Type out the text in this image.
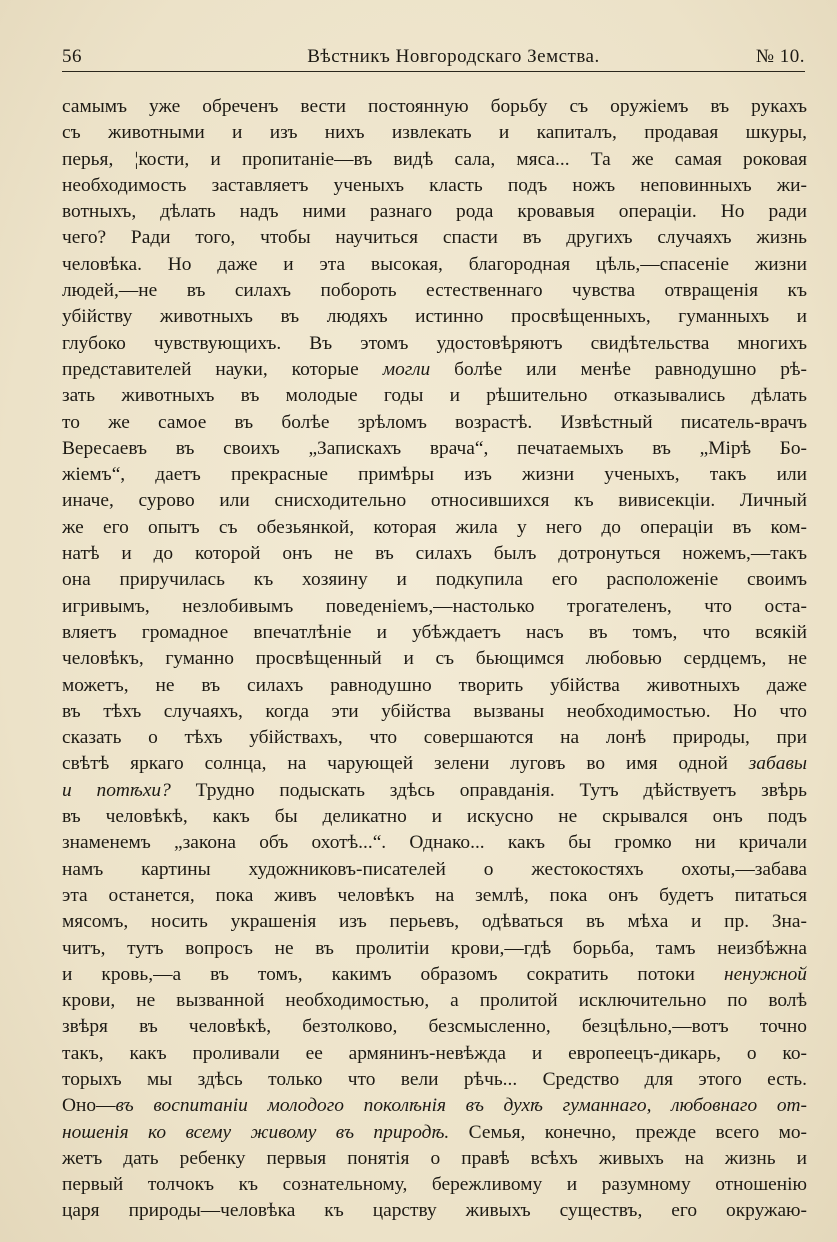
56	Вѣстникъ Новгородскаго Земства.	№ 10.
самымъ уже обреченъ вести постоянную борьбу съ оружіемъ въ рукахъ
съ животными и изъ нихъ извлекать и капиталъ, продавая шкуры,
перья, ¦кости, и пропитаніе—въ видѣ сала, мяса... Та же самая роковая
необходимость заставляетъ ученыхъ класть подъ ножъ неповинныхъ жи-
вотныхъ, дѣлать надъ ними разнаго рода кровавыя операціи. Но ради
чего? Ради того, чтобы научиться спасти въ другихъ случаяхъ жизнь
человѣка. Но даже и эта высокая, благородная цѣль,—спасеніе жизни
людей,—не въ силахъ побороть естественнаго чувства отвращенія къ
убійству животныхъ въ людяхъ истинно просвѣщенныхъ, гуманныхъ и
глубоко чувствующихъ. Въ этомъ удостовѣряютъ свидѣтельства многихъ
представителей науки, которые могли болѣе или менѣе равнодушно рѣ-
зать животныхъ въ молодые годы и рѣшительно отказывались дѣлать
то же самое въ болѣе зрѣломъ возрастѣ. Извѣстный писатель-врачъ
Вересаевъ въ своихъ „Запискахъ врача“, печатаемыхъ въ „Мірѣ Бо-
жіемъ“, даетъ прекрасные примѣры изъ жизни ученыхъ, такъ или
иначе, сурово или снисходительно относившихся къ вивисекціи. Личный
же его опытъ съ обезьянкой, которая жила у него до операціи въ ком-
натѣ и до которой онъ не въ силахъ былъ дотронуться ножемъ,—такъ
она приручилась къ хозяину и подкупила его расположеніе своимъ
игривымъ, незлобивымъ поведеніемъ,—настолько трогателенъ, что оста-
вляетъ громадное впечатлѣніе и убѣждаетъ насъ въ томъ, что всякій
человѣкъ, гуманно просвѣщенный и съ бьющимся любовью сердцемъ, не
можетъ, не въ силахъ равнодушно творить убійства животныхъ даже
въ тѣхъ случаяхъ, когда эти убійства вызваны необходимостью. Но что
сказать о тѣхъ убійствахъ, что совершаются на лонѣ природы, при
свѣтѣ яркаго солнца, на чарующей зелени луговъ во имя одной забавы
и потѣхи? Трудно подыскать здѣсь оправданія. Тутъ дѣйствуетъ звѣрь
въ человѣкѣ, какъ бы деликатно и искусно не скрывался онъ подъ
знаменемъ „закона объ охотѣ...“. Однако... какъ бы громко ни кричали
намъ картины художниковъ-писателей о жестокостяхъ охоты,—забава
эта останется, пока живъ человѣкъ на землѣ, пока онъ будетъ питаться
мясомъ, носить украшенія изъ перьевъ, одѣваться въ мѣха и пр. Зна-
читъ, тутъ вопросъ не въ пролитіи крови,—гдѣ борьба, тамъ неизбѣжна
и кровь,—а въ томъ, какимъ образомъ сократить потоки ненужной
крови, не вызванной необходимостью, а пролитой исключительно по волѣ
звѣря въ человѣкѣ, безтолково, безсмысленно, безцѣльно,—вотъ точно
такъ, какъ проливали ее армянинъ-невѣжда и европеецъ-дикарь, о ко-
торыхъ мы здѣсь только что вели рѣчь... Средство для этого есть.
Оно—въ воспитаніи молодого поколѣнія въ духѣ гуманнаго, любовнаго от-
ношенія ко всему живому въ природѣ. Семья, конечно, прежде всего мо-
жетъ дать ребенку первыя понятія о правѣ всѣхъ живыхъ на жизнь и
первый толчокъ къ сознательному, бережливому и разумному отношенію
царя природы—человѣка къ царству живыхъ существъ, его окружаю-
